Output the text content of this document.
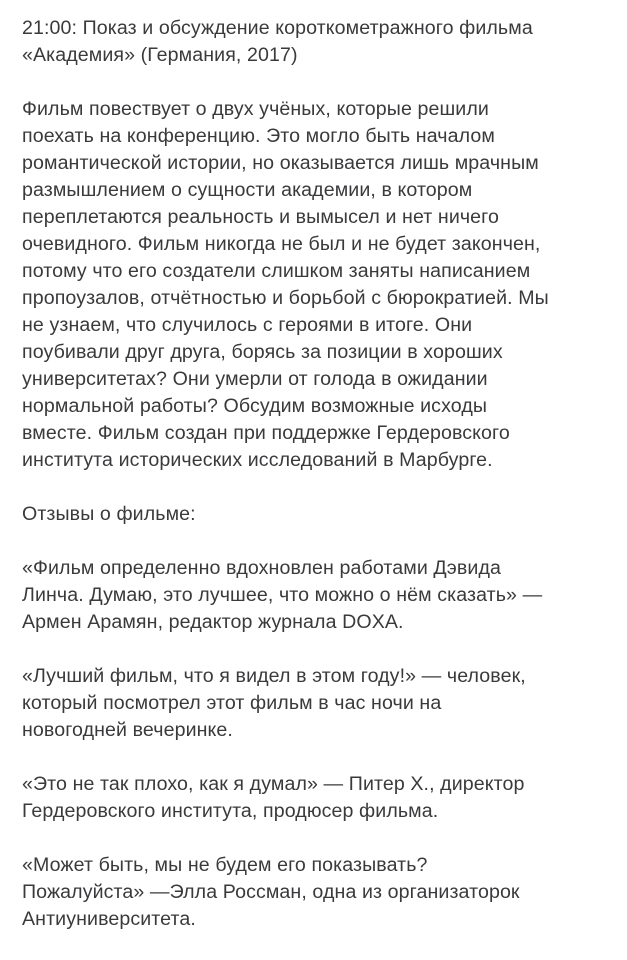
21:00: Показ и обсуждение короткометражного фильма
«Академия» (Германия, 2017)

Фильм повествует о двух учёных, которые решили
поехать на конференцию. Это могло быть началом
романтической истории, но оказывается лишь мрачным
размышлением о сущности академии, в котором
переплетаются реальность и вымысел и нет ничего
очевидного. Фильм никогда не был и не будет закончен,
потому что его создатели слишком заняты написанием
пропоузалов, отчётностью и борьбой с бюрократией. Мы
не узнаем, что случилось с героями в итоге. Они
поубивали друг друга, борясь за позиции в хороших
университетах? Они умерли от голода в ожидании
нормальной работы? Обсудим возможные исходы
вместе. Фильм создан при поддержке Гердеровского
института исторических исследований в Марбурге.

Отзывы о фильме:

«Фильм определенно вдохновлен работами Дэвида
Линча. Думаю, это лучшее, что можно о нём сказать» —
Армен Арамян, редактор журнала DOXA.

«Лучший фильм, что я видел в этом году!» — человек,
который посмотрел этот фильм в час ночи на
новогодней вечеринке.

«Это не так плохо, как я думал» — Питер Х., директор
Гердеровского института, продюсер фильма.

«Может быть, мы не будем его показывать?
Пожалуйста» —Элла Россман, одна из организаторок
Антиуниверситета.
